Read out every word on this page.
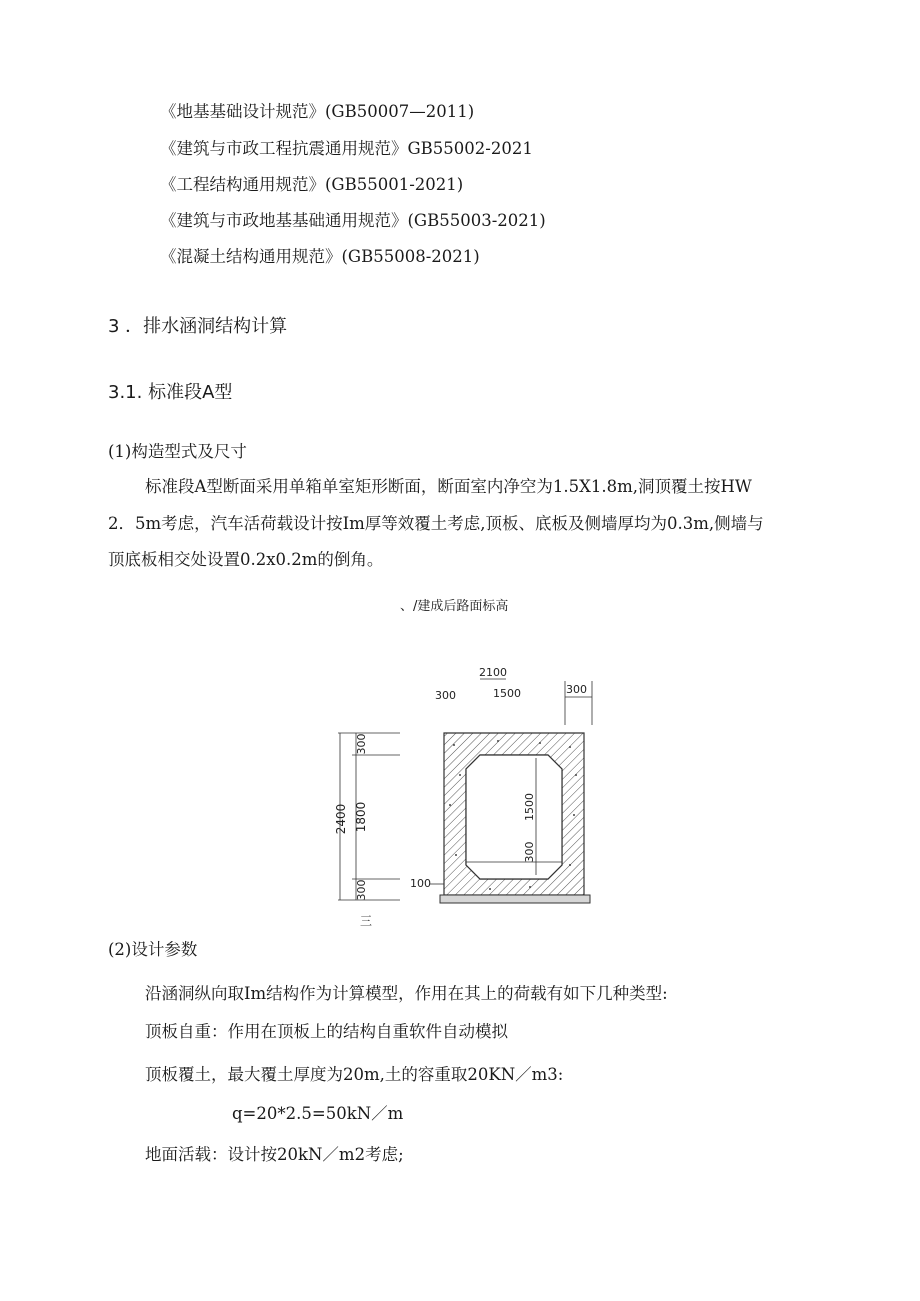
《地基基础设计规范》(GB50007—2011)
《建筑与市政工程抗震通用规范》GB55002-2021
《工程结构通用规范》(GB55001-2021)
《建筑与市政地基基础通用规范》(GB55003-2021)
《混凝土结构通用规范》(GB55008-2021)
3 ．排水涵洞结构计算
3.1. 标准段A型
(1)构造型式及尺寸
标准段A型断面采用单箱单室矩形断面，断面室内净空为1.5X1.8m,洞顶覆土按HW
2．5m考虑，汽车活荷载设计按Im厚等效覆土考虑,顶板、底板及侧墙厚均为0.3m,侧墙与
顶底板相交处设置0.2x0.2m的倒角。
、/建成后路面标高
2100
300	1500	300
2400
300
1800
300
1500
300
100
三
(2)设计参数
沿涵洞纵向取Im结构作为计算模型，作用在其上的荷载有如下几种类型:
顶板自重：作用在顶板上的结构自重软件自动模拟
顶板覆土，最大覆土厚度为20m,土的容重取20KN／m3:
q=20*2.5=50kN／m
地面活载：设计按20kN／m2考虑;
